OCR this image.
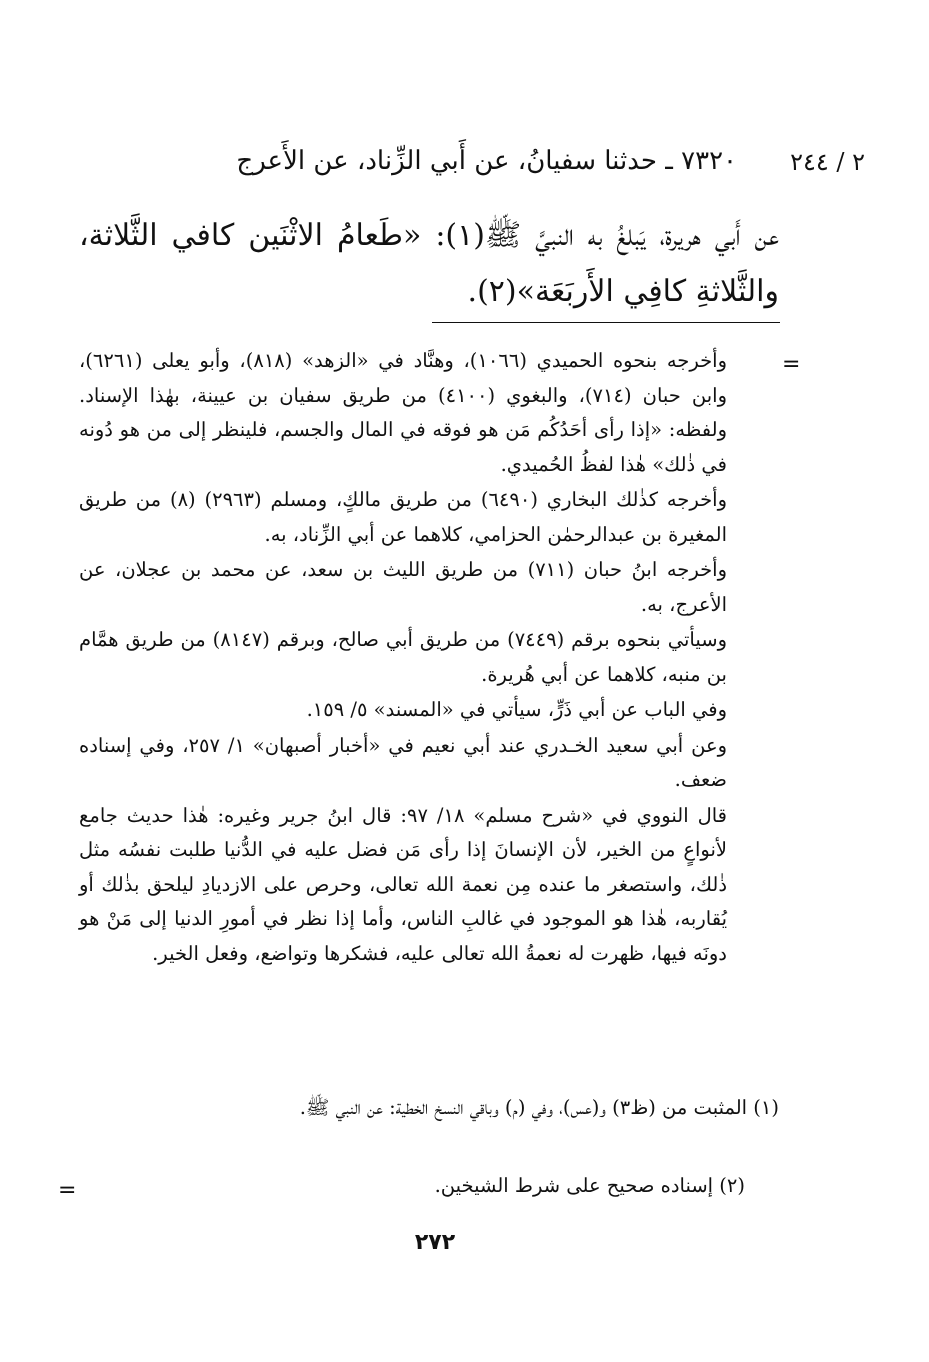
٢ / ٢٤٤
٧٣٢٠ ـ حدثنا سفيانُ، عن أَبي الزِّناد، عن الأَعرج
عن أَبي هريرة، يَبلغُ به النبيَّ ﷺ(١): «طَعامُ الاثْنَين كافي الثَّلاثة، والثَّلاثةِ كافِي الأَربَعَة»(٢).
=

وأخرجه بنحوه الحميدي (١٠٦٦)، وهنَّاد في «الزهد» (٨١٨)، وأبو يعلى (٦٢٦١)، وابن حبان (٧١٤)، والبغوي (٤١٠٠) من طريق سفيان بن عيينة، بهٰذا الإسناد. ولفظه: «إذا رأى أحَدُكُم مَن هو فوقه في المال والجسم، فلينظر إلى من هو دُونه في ذٰلك» هٰذا لفظُ الحُميدي.

وأخرجه كذٰلك البخاري (٦٤٩٠) من طريق مالكٍ، ومسلم (٢٩٦٣) (٨) من طريق المغيرة بن عبدالرحمٰن الحزامي، كلاهما عن أبي الزِّناد، به.

وأخرجه ابنُ حبان (٧١١) من طريق الليث بن سعد، عن محمد بن عجلان، عن الأعرج، به.

وسيأتي بنحوه برقم (٧٤٤٩) من طريق أبي صالح، وبرقم (٨١٤٧) من طريق همَّام بن منبه، كلاهما عن أبي هُريرة.

وفي الباب عن أبي ذَرٍّ، سيأتي في «المسند» ٥/ ١٥٩.

وعن أبي سعيد الخـدري عند أبي نعيم في «أخبار أصبهان» ١/ ٢٥٧، وفي إسناده ضعف.

قال النووي في «شرح مسلم» ١٨/ ٩٧: قال ابنُ جرير وغيره: هٰذا حديث جامع لأنواعٍ من الخير، لأن الإنسانَ إذا رأى مَن فضل عليه في الدُّنيا طلبت نفسُه مثل ذٰلك، واستصغر ما عنده مِن نعمة الله تعالى، وحرص على الازديادِ ليلحق بذٰلك أو يُقاربه، هٰذا هو الموجود في غالبِ الناس، وأما إذا نظر في أمورِ الدنيا إلى مَنْ هو دونَه فيها، ظهرت له نعمةُ الله تعالى عليه، فشكرها وتواضع، وفعل الخير.

(١) المثبت من (ظ٣) و(عس)، وفي (م) وباقي النسخ الخطية: عن النبي ﷺ.
(٢) إسناده صحيح على شرط الشيخين.
=
٢٧٢
